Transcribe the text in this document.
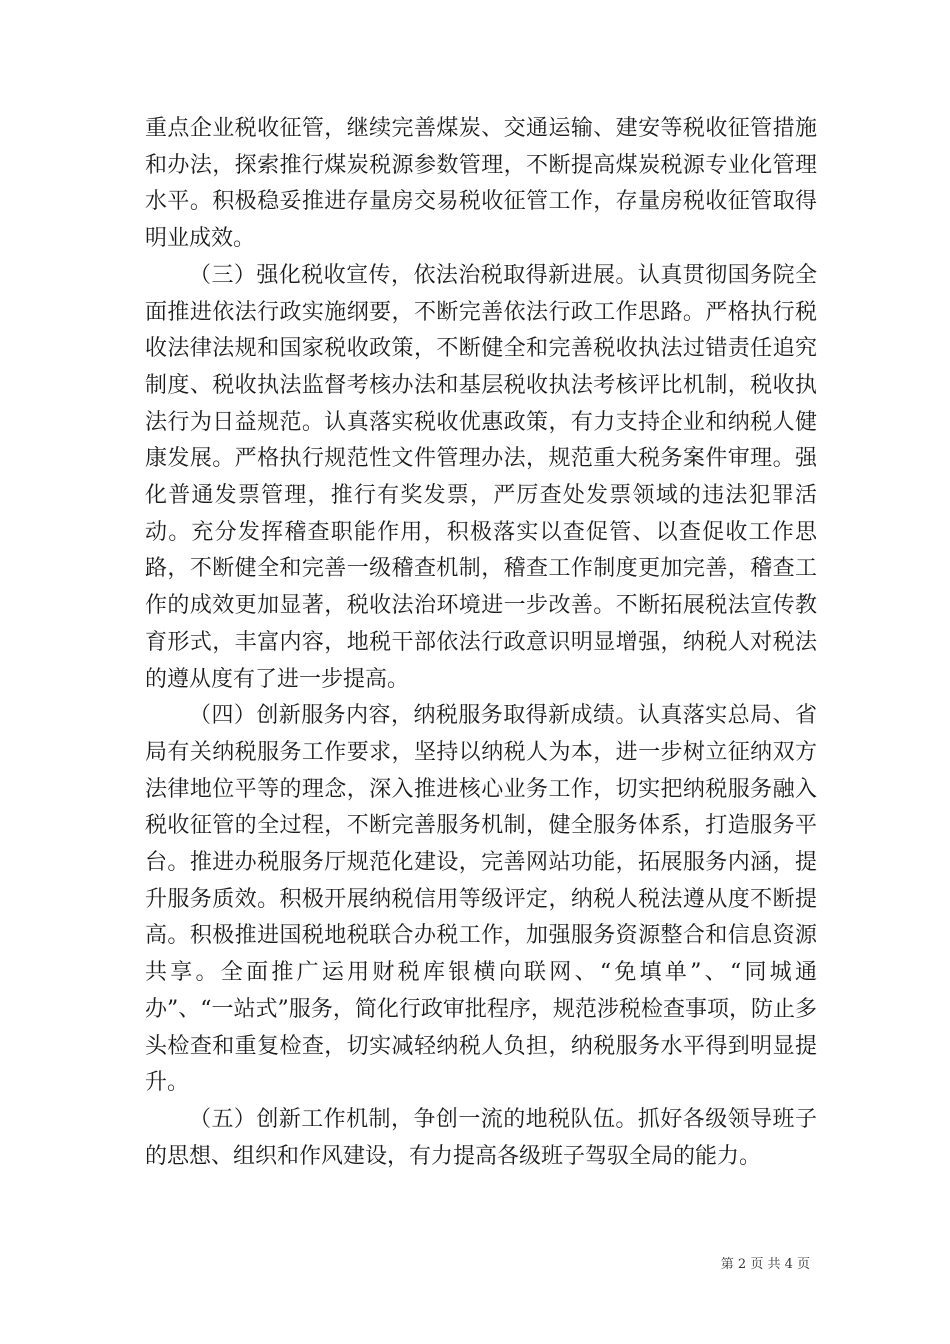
重点企业税收征管，继续完善煤炭、交通运输、建安等税收征管措施和办法，探索推行煤炭税源参数管理，不断提高煤炭税源专业化管理水平。积极稳妥推进存量房交易税收征管工作，存量房税收征管取得明业成效。

（三）强化税收宣传，依法治税取得新进展。认真贯彻国务院全面推进依法行政实施纲要，不断完善依法行政工作思路。严格执行税收法律法规和国家税收政策，不断健全和完善税收执法过错责任追究制度、税收执法监督考核办法和基层税收执法考核评比机制，税收执法行为日益规范。认真落实税收优惠政策，有力支持企业和纳税人健康发展。严格执行规范性文件管理办法，规范重大税务案件审理。强化普通发票管理，推行有奖发票，严厉查处发票领域的违法犯罪活动。充分发挥稽查职能作用，积极落实以查促管、以查促收工作思路，不断健全和完善一级稽查机制，稽查工作制度更加完善，稽查工作的成效更加显著，税收法治环境进一步改善。不断拓展税法宣传教育形式，丰富内容，地税干部依法行政意识明显增强，纳税人对税法的遵从度有了进一步提高。

（四）创新服务内容，纳税服务取得新成绩。认真落实总局、省局有关纳税服务工作要求，坚持以纳税人为本，进一步树立征纳双方法律地位平等的理念，深入推进核心业务工作，切实把纳税服务融入税收征管的全过程，不断完善服务机制，健全服务体系，打造服务平台。推进办税服务厅规范化建设，完善网站功能，拓展服务内涵，提升服务质效。积极开展纳税信用等级评定，纳税人税法遵从度不断提高。积极推进国税地税联合办税工作，加强服务资源整合和信息资源共享。全面推广运用财税库银横向联网、“免填单”、“同城通办”、“一站式”服务，简化行政审批程序，规范涉税检查事项，防止多头检查和重复检查，切实减轻纳税人负担，纳税服务水平得到明显提升。

（五）创新工作机制，争创一流的地税队伍。抓好各级领导班子的思想、组织和作风建设，有力提高各级班子驾驭全局的能力。

第 2 页 共 4 页
